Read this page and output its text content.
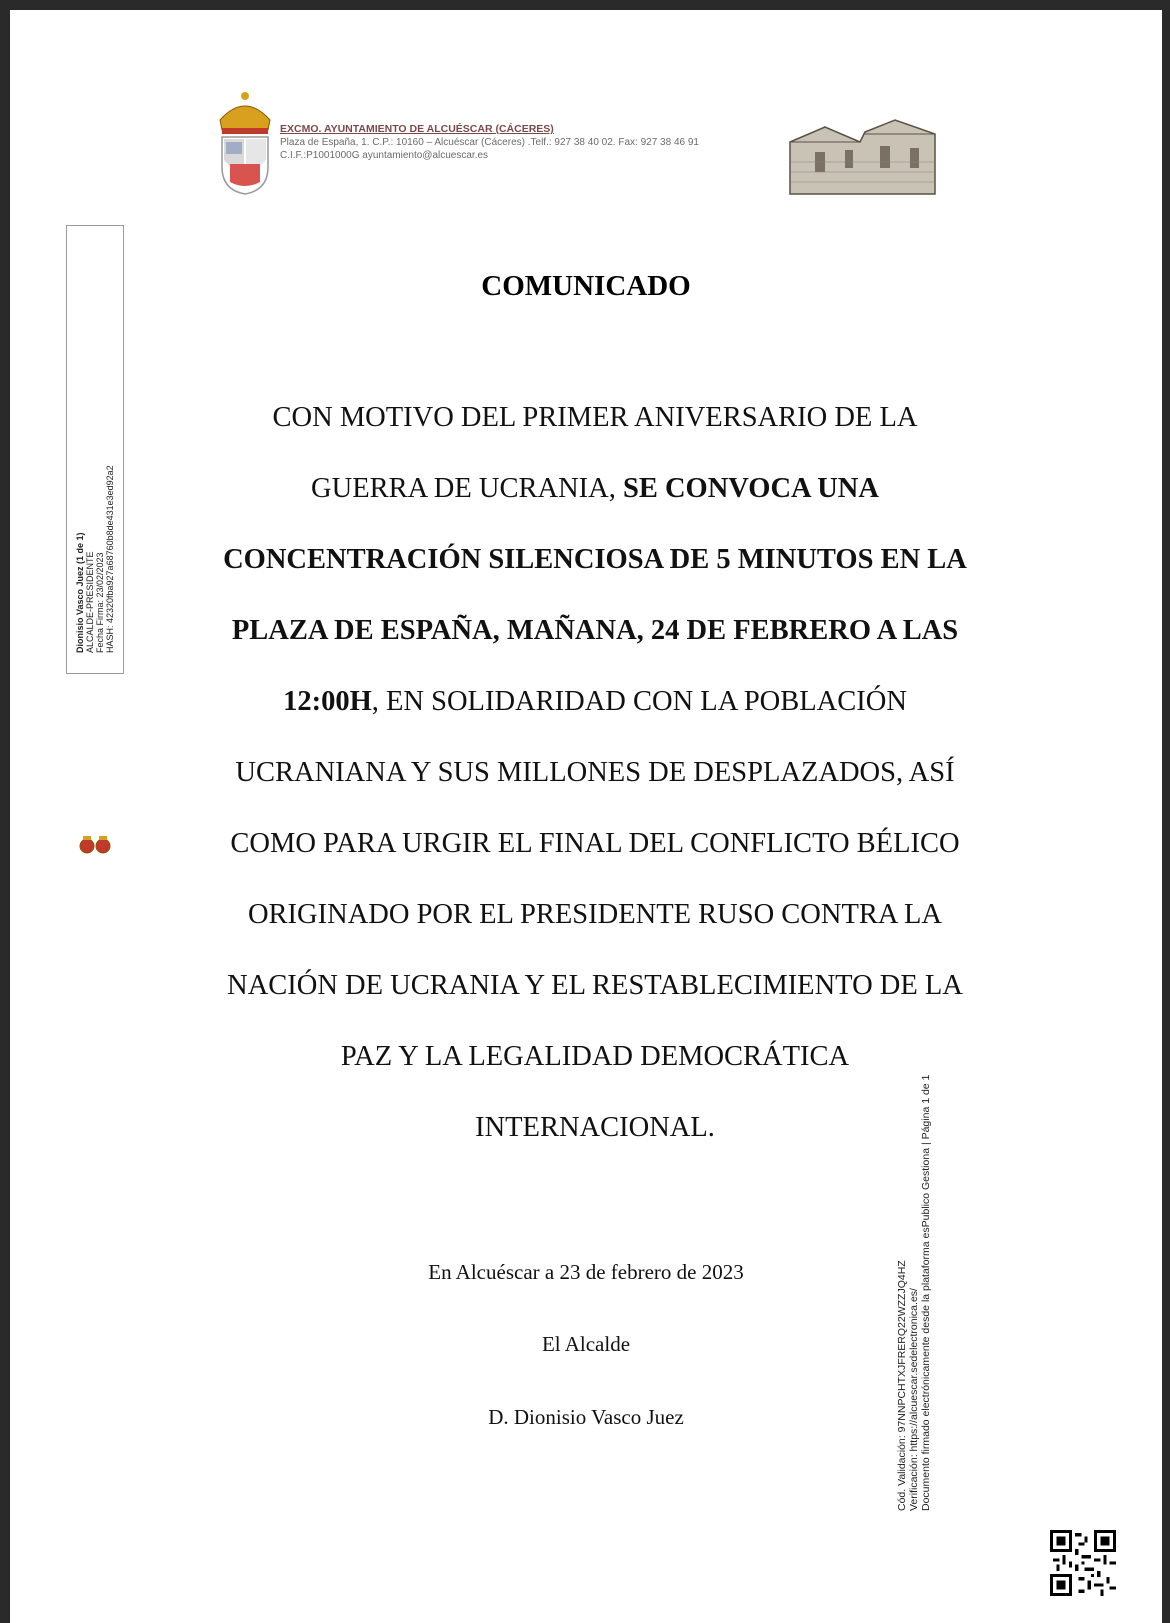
EXCMO. AYUNTAMIENTO DE ALCUÉSCAR (CÁCERES)
Plaza de España, 1. C.P.: 10160 – Alcuéscar (Cáceres) .Telf.: 927 38 40 02. Fax: 927 38 46 91
C.I.F.:P1001000G ayuntamiento@alcuescar.es
Dionisio Vasco Juez (1 de 1) ALCALDE-PRESIDENTE Fecha Firma: 23/02/2023 HASH: 42320fba927a68760b8de431e3ed92a2
COMUNICADO
CON MOTIVO DEL PRIMER ANIVERSARIO DE LA
GUERRA DE UCRANIA, SE CONVOCA UNA
CONCENTRACIÓN SILENCIOSA DE 5 MINUTOS EN LA
PLAZA DE ESPAÑA, MAÑANA, 24 DE FEBRERO A LAS
12:00H, EN SOLIDARIDAD CON LA POBLACIÓN
UCRANIANA Y SUS MILLONES DE DESPLAZADOS, ASÍ
COMO PARA URGIR EL FINAL DEL CONFLICTO BÉLICO
ORIGINADO POR EL PRESIDENTE RUSO CONTRA LA
NACIÓN DE UCRANIA Y EL RESTABLECIMIENTO DE LA
PAZ Y LA LEGALIDAD DEMOCRÁTICA
INTERNACIONAL.
En Alcuéscar a 23 de febrero de 2023
El Alcalde
D. Dionisio Vasco Juez	Cód. Validación: 97NNPCHTXJFRERQ22WZZJQ4HZ Verificación: https://alcuescar.sedelectronica.es/ Documento firmado electrónicamente desde la plataforma esPublico Gestiona | Página 1 de 1
